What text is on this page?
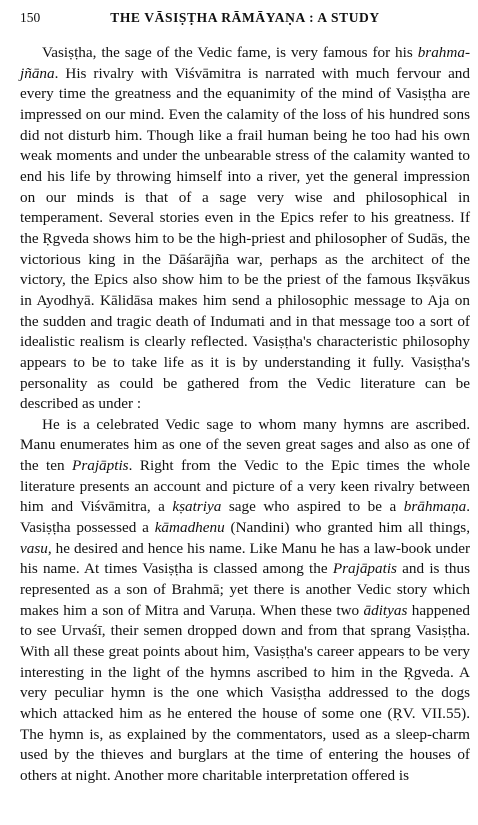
150	THE VĀSIṢṬHA RĀMĀYAṆA : A STUDY

Vasiṣṭha, the sage of the Vedic fame, is very famous for his brahma-jñāna. His rivalry with Viśvāmitra is narrated with much fervour and every time the greatness and the equanimity of the mind of Vasiṣṭha are impressed on our mind. Even the calamity of the loss of his hundred sons did not disturb him. Though like a frail human being he too had his own weak moments and under the unbearable stress of the calamity wanted to end his life by throwing himself into a river, yet the general impression on our minds is that of a sage very wise and philosophical in temperament. Several stories even in the Epics refer to his greatness. If the Ṛgveda shows him to be the high-priest and philosopher of Sudās, the victorious king in the Dāśarājña war, perhaps as the architect of the victory, the Epics also show him to be the priest of the famous Ikṣvākus in Ayodhyā. Kālidāsa makes him send a philosophic message to Aja on the sudden and tragic death of Indumati and in that message too a sort of idealistic realism is clearly reflected. Vasiṣṭha's characteristic philosophy appears to be to take life as it is by understanding it fully. Vasiṣṭha's personality as could be gathered from the Vedic literature can be described as under :

He is a celebrated Vedic sage to whom many hymns are ascribed. Manu enumerates him as one of the seven great sages and also as one of the ten Prajāptis. Right from the Vedic to the Epic times the whole literature presents an account and picture of a very keen rivalry between him and Viśvāmitra, a kṣatriya sage who aspired to be a brāhmaṇa. Vasiṣṭha possessed a kāmadhenu (Nandini) who granted him all things, vasu, he desired and hence his name. Like Manu he has a law-book under his name. At times Vasiṣṭha is classed among the Prajāpatis and is thus represented as a son of Brahmā; yet there is another Vedic story which makes him a son of Mitra and Varuṇa. When these two ādityas happened to see Urvaśī, their semen dropped down and from that sprang Vasiṣṭha. With all these great points about him, Vasiṣṭha's career appears to be very interesting in the light of the hymns ascribed to him in the Ṛgveda. A very peculiar hymn is the one which Vasiṣṭha addressed to the dogs which attacked him as he entered the house of some one (ṚV. VII.55). The hymn is, as explained by the commentators, used as a sleep-charm used by the thieves and burglars at the time of entering the houses of others at night. Another more charitable interpretation offered is
